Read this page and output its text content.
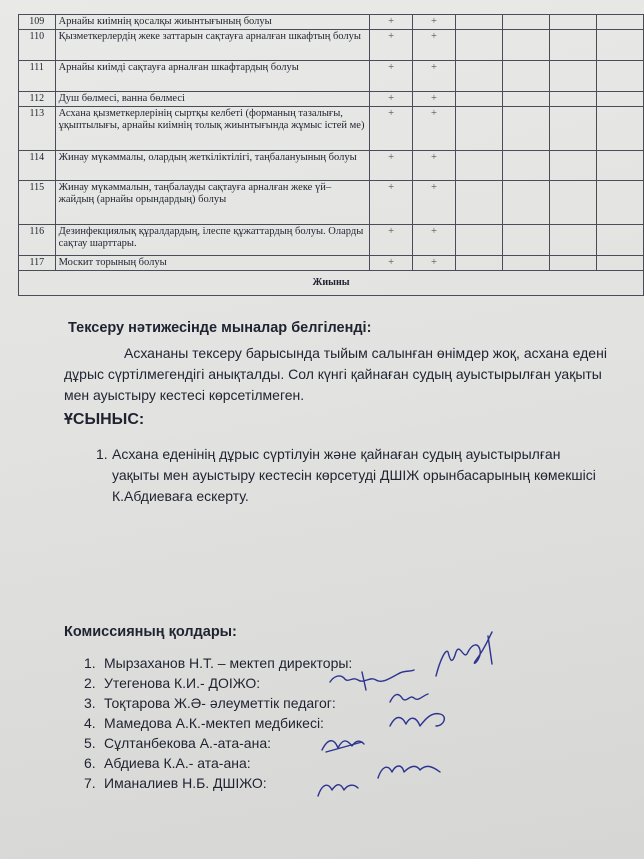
109	Арнайы киімнің қосалқы жиынтығының болуы	+	+				
110	Қызметкерлердің жеке заттарын сақтауға арналған шкафтың болуы	+	+				
111	Арнайы киімді сақтауға арналған шкафтардың болуы	+	+				
112	Душ бөлмесі, ванна бөлмесі	+	+				
113	Асхана қызметкерлерінің сыртқы келбеті (форманың тазалығы, ұқыптылығы, арнайы киімнің толық жиынтығында жұмыс істей ме)	+	+				
114	Жинау мүкәммалы, олардың жеткіліктілігі, таңбалануының болуы	+	+				
115	Жинау мүкәммалын, таңбалауды сақтауға арналған жеке үй–жайдың (арнайы орындардың) болуы	+	+				
116	Дезинфекциялық құралдардың, ілеспе құжаттардың болуы. Оларды сақтау шарттары.	+	+				
117	Москит торының болуы	+	+				
Жиыны							
Тексеру нәтижесінде мыналар белгіленді:
Асхананы тексеру барысында тыйым салынған өнімдер жоқ, асхана едені дұрыс сүртілмегендігі анықталды. Сол күнгі қайнаған судың ауыстырылған уақыты мен ауыстыру кестесі көрсетілмеген.
ҰСЫНЫС:
1. Асхана еденінің дұрыс сүртілуін және қайнаған судың ауыстырылған уақыты мен ауыстыру кестесін көрсетуді ДШІЖ орынбасарының көмекшісі К.Абдиеваға ескерту.
Комиссияның қолдары:
1. Мырзаханов Н.Т. – мектеп директоры:
2. Утегенова К.И.- ДОІЖО:
3. Тоқтарова Ж.Ә- әлеуметтік педагог:
4. Мамедова А.К.-мектеп медбикесі:
5. Сұлтанбекова А.-ата-ана:
6. Абдиева К.А.- ата-ана:
7. Иманалиев Н.Б. ДШІЖО:
